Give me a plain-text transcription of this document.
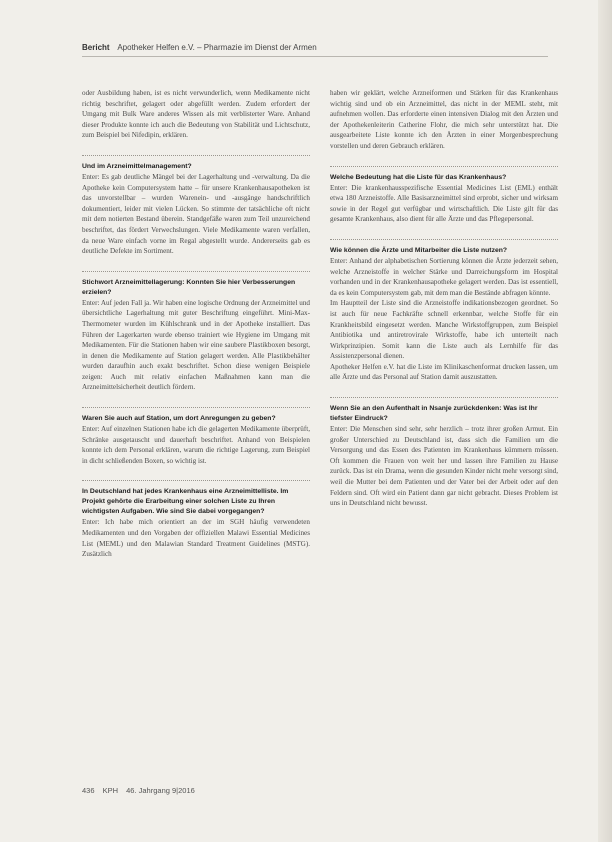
Bericht Apotheker Helfen e.V. – Pharmazie im Dienst der Armen

oder Ausbildung haben, ist es nicht verwunderlich, wenn Medikamente nicht richtig beschriftet, gelagert oder abgefüllt werden. Zudem erfordert der Umgang mit Bulk Ware anderes Wissen als mit verblisterter Ware. Anhand dieser Produkte konnte ich auch die Bedeutung von Stabilität und Lichtschutz, zum Beispiel bei Nifedipin, erklären.

Und im Arzneimittelmanagement?

Enter: Es gab deutliche Mängel bei der Lagerhaltung und -verwaltung. Da die Apotheke kein Computersystem hatte – für unsere Krankenhausapotheken ist das unvorstellbar – wurden Warenein- und -ausgänge handschriftlich dokumentiert, leider mit vielen Lücken. So stimmte der tatsächliche oft nicht mit dem notierten Bestand überein. Standgefäße waren zum Teil unzureichend beschriftet, das fördert Verwechslungen. Viele Medikamente waren verfallen, da neue Ware einfach vorne im Regal abgestellt wurde. Andererseits gab es deutliche Defekte im Sortiment.

Stichwort Arzneimittellagerung: Konnten Sie hier Verbesserungen erzielen?

Enter: Auf jeden Fall ja. Wir haben eine logische Ordnung der Arzneimittel und übersichtliche Lagerhaltung mit guter Beschriftung eingeführt. Mini-Max-Thermometer wurden im Kühlschrank und in der Apotheke installiert. Das Führen der Lagerkarten wurde ebenso trainiert wie Hygiene im Umgang mit Medikamenten. Für die Stationen haben wir eine saubere Plastikboxen besorgt, in denen die Medikamente auf Station gelagert werden. Alle Plastikbehälter wurden daraufhin auch exakt beschriftet. Schon diese wenigen Beispiele zeigen: Auch mit relativ einfachen Maßnahmen kann man die Arzneimittelsicherheit deutlich fördern.

Waren Sie auch auf Station, um dort Anregungen zu geben?

Enter: Auf einzelnen Stationen habe ich die gelagerten Medikamente überprüft, Schränke ausgetauscht und dauerhaft beschriftet. Anhand von Beispielen konnte ich dem Personal erklären, warum die richtige Lagerung, zum Beispiel in dicht schließenden Boxen, so wichtig ist.

In Deutschland hat jedes Krankenhaus eine Arzneimittelliste. Im Projekt gehörte die Erarbeitung einer solchen Liste zu Ihren wichtigsten Aufgaben. Wie sind Sie dabei vorgegangen?

Enter: Ich habe mich orientiert an der im SGH häufig verwendeten Medikamenten und den Vorgaben der offiziellen Malawi Essential Medicines List (MEML) und den Malawian Standard Treatment Guidelines (MSTG). Zusätzlich

haben wir geklärt, welche Arzneiformen und Stärken für das Krankenhaus wichtig sind und ob ein Arzneimittel, das nicht in der MEML steht, mit aufnehmen wollen. Das erforderte einen intensiven Dialog mit den Ärzten und der Apothekenleiterin Catherine Flohr, die mich sehr unterstützt hat. Die ausgearbeitete Liste konnte ich den Ärzten in einer Morgenbesprechung vorstellen und deren Gebrauch erklären.

Welche Bedeutung hat die Liste für das Krankenhaus?

Enter: Die krankenhausspezifische Essential Medicines List (EML) enthält etwa 180 Arzneistoffe. Alle Basisarzneimittel sind erprobt, sicher und wirksam sowie in der Regel gut verfügbar und wirtschaftlich. Die Liste gilt für das gesamte Krankenhaus, also dient für alle Ärzte und das Pflegepersonal.

Wie können die Ärzte und Mitarbeiter die Liste nutzen?

Enter: Anhand der alphabetischen Sortierung können die Ärzte jederzeit sehen, welche Arzneistoffe in welcher Stärke und Darreichungsform im Hospital vorhanden und in der Krankenhausapotheke gelagert werden. Das ist essentiell, da es kein Computersystem gab, mit dem man die Bestände abfragen könnte.
Im Hauptteil der Liste sind die Arzneistoffe indikationsbezogen geordnet. So ist auch für neue Fachkräfte schnell erkennbar, welche Stoffe für ein Krankheitsbild eingesetzt werden. Manche Wirkstoffgruppen, zum Beispiel Antibiotika und antiretrovirale Wirkstoffe, habe ich unterteilt nach Wirkprinzipien. Somit kann die Liste auch als Lernhilfe für das Assistenzpersonal dienen.
Apotheker Helfen e.V. hat die Liste im Klinikaschenformat drucken lassen, um alle Ärzte und das Personal auf Station damit auszustatten.

Wenn Sie an den Aufenthalt in Nsanje zurückdenken: Was ist Ihr tiefster Eindruck?

Enter: Die Menschen sind sehr, sehr herzlich – trotz ihrer großen Armut. Ein großer Unterschied zu Deutschland ist, dass sich die Familien um die Versorgung und das Essen des Patienten im Krankenhaus kümmern müssen. Oft kommen die Frauen von weit her und lassen ihre Familien zu Hause zurück. Das ist ein Drama, wenn die gesunden Kinder nicht mehr versorgt sind, weil die Mutter bei dem Patienten und der Vater bei der Arbeit oder auf den Feldern sind. Oft wird ein Patient dann gar nicht gebracht. Dieses Problem ist uns in Deutschland nicht bewusst.

436 KPH 46. Jahrgang 9|2016
